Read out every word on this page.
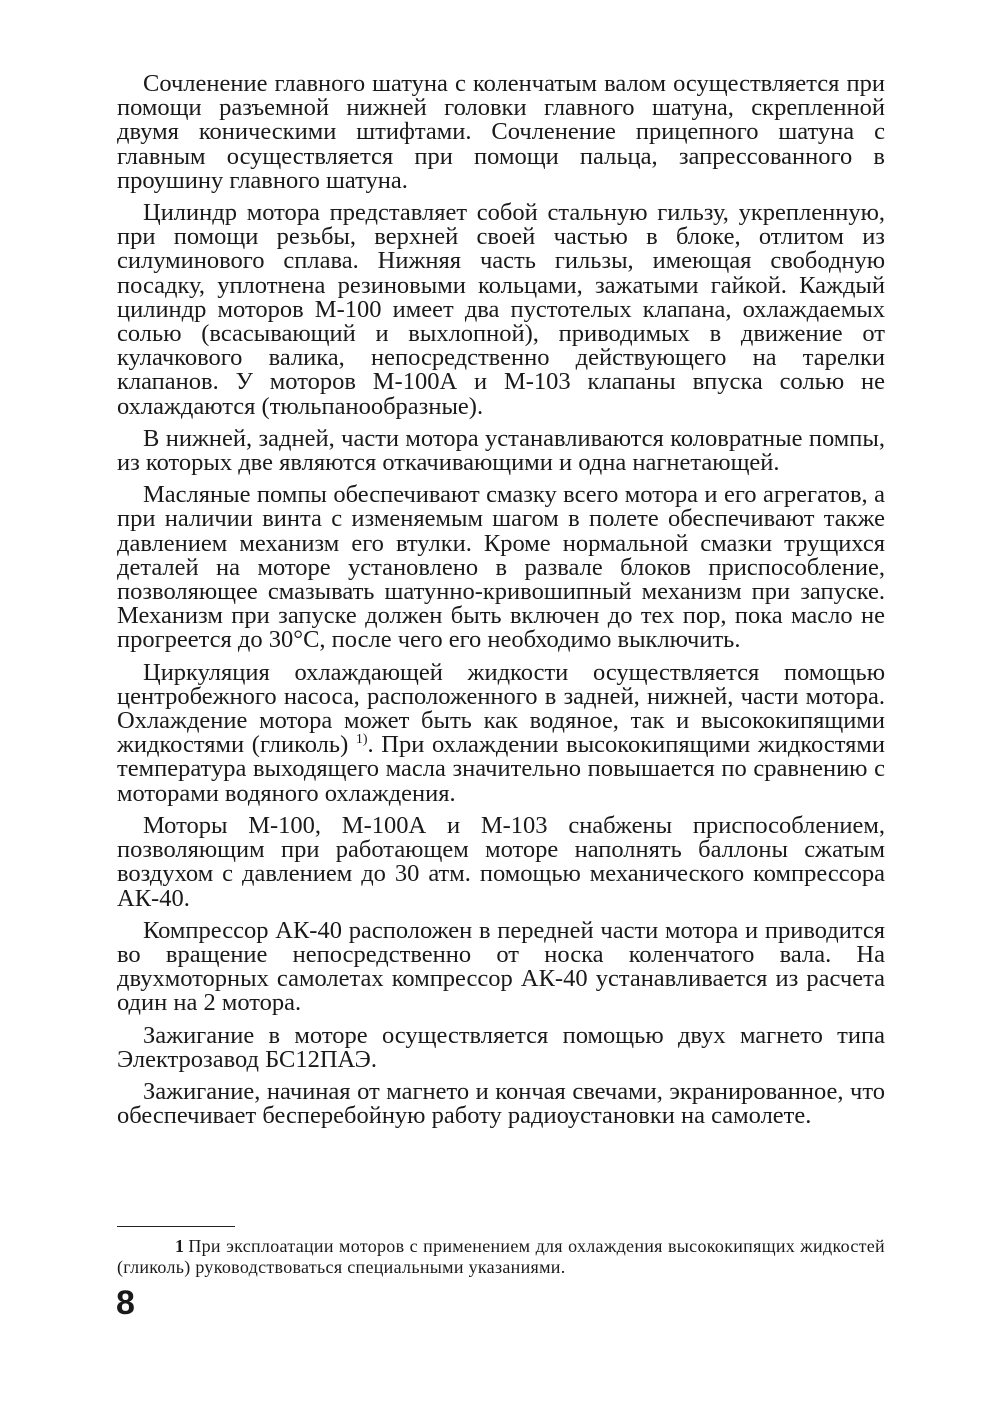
Сочленение главного шатуна с коленчатым валом осуществляется при помощи разъемной нижней головки главного шатуна, скрепленной двумя коническими штифтами. Сочленение прицепного шатуна с главным осуществляется при помощи пальца, запрессованного в проушину главного шатуна.

Цилиндр мотора представляет собой стальную гильзу, укрепленную, при помощи резьбы, верхней своей частью в блоке, отлитом из силуминового сплава. Нижняя часть гильзы, имеющая свободную посадку, уплотнена резиновыми кольцами, зажатыми гайкой. Каждый цилиндр моторов М-100 имеет два пустотелых клапана, охлаждаемых солью (всасывающий и выхлопной), приводимых в движение от кулачкового валика, непосредственно действующего на тарелки клапанов. У моторов М-100А и М-103 клапаны впуска солью не охлаждаются (тюльпанообразные).

В нижней, задней, части мотора устанавливаются коловратные помпы, из которых две являются откачивающими и одна нагнетающей.

Масляные помпы обеспечивают смазку всего мотора и его агрегатов, а при наличии винта с изменяемым шагом в полете обеспечивают также давлением механизм его втулки. Кроме нормальной смазки трущихся деталей на моторе установлено в развале блоков приспособление, позволяющее смазывать шатунно-кривошипный механизм при запуске. Механизм при запуске должен быть включен до тех пор, пока масло не прогреется до 30°С, после чего его необходимо выключить.

Циркуляция охлаждающей жидкости осуществляется помощью центробежного насоса, расположенного в задней, нижней, части мотора. Охлаждение мотора может быть как водяное, так и высококипящими жидкостями (гликоль) $^{1)}$. При охлаждении высококипящими жидкостями температура выходящего масла значительно повышается по сравнению с моторами водяного охлаждения.

Моторы М-100, М-100А и М-103 снабжены приспособлением, позволяющим при работающем моторе наполнять баллоны сжатым воздухом с давлением до 30 атм. помощью механического компрессора АК-40.

Компрессор АК-40 расположен в передней части мотора и приводится во вращение непосредственно от носка коленчатого вала. На двухмоторных самолетах компрессор АК-40 устанавливается из расчета один на 2 мотора.

Зажигание в моторе осуществляется помощью двух магнето типа Электрозавод БС12ПАЭ.

Зажигание, начиная от магнето и кончая свечами, экранированное, что обеспечивает бесперебойную работу радиоустановки на самолете.

1 При эксплоатации моторов с применением для охлаждения высококипящих жидкостей (гликоль) руководствоваться специальными указаниями.
8
